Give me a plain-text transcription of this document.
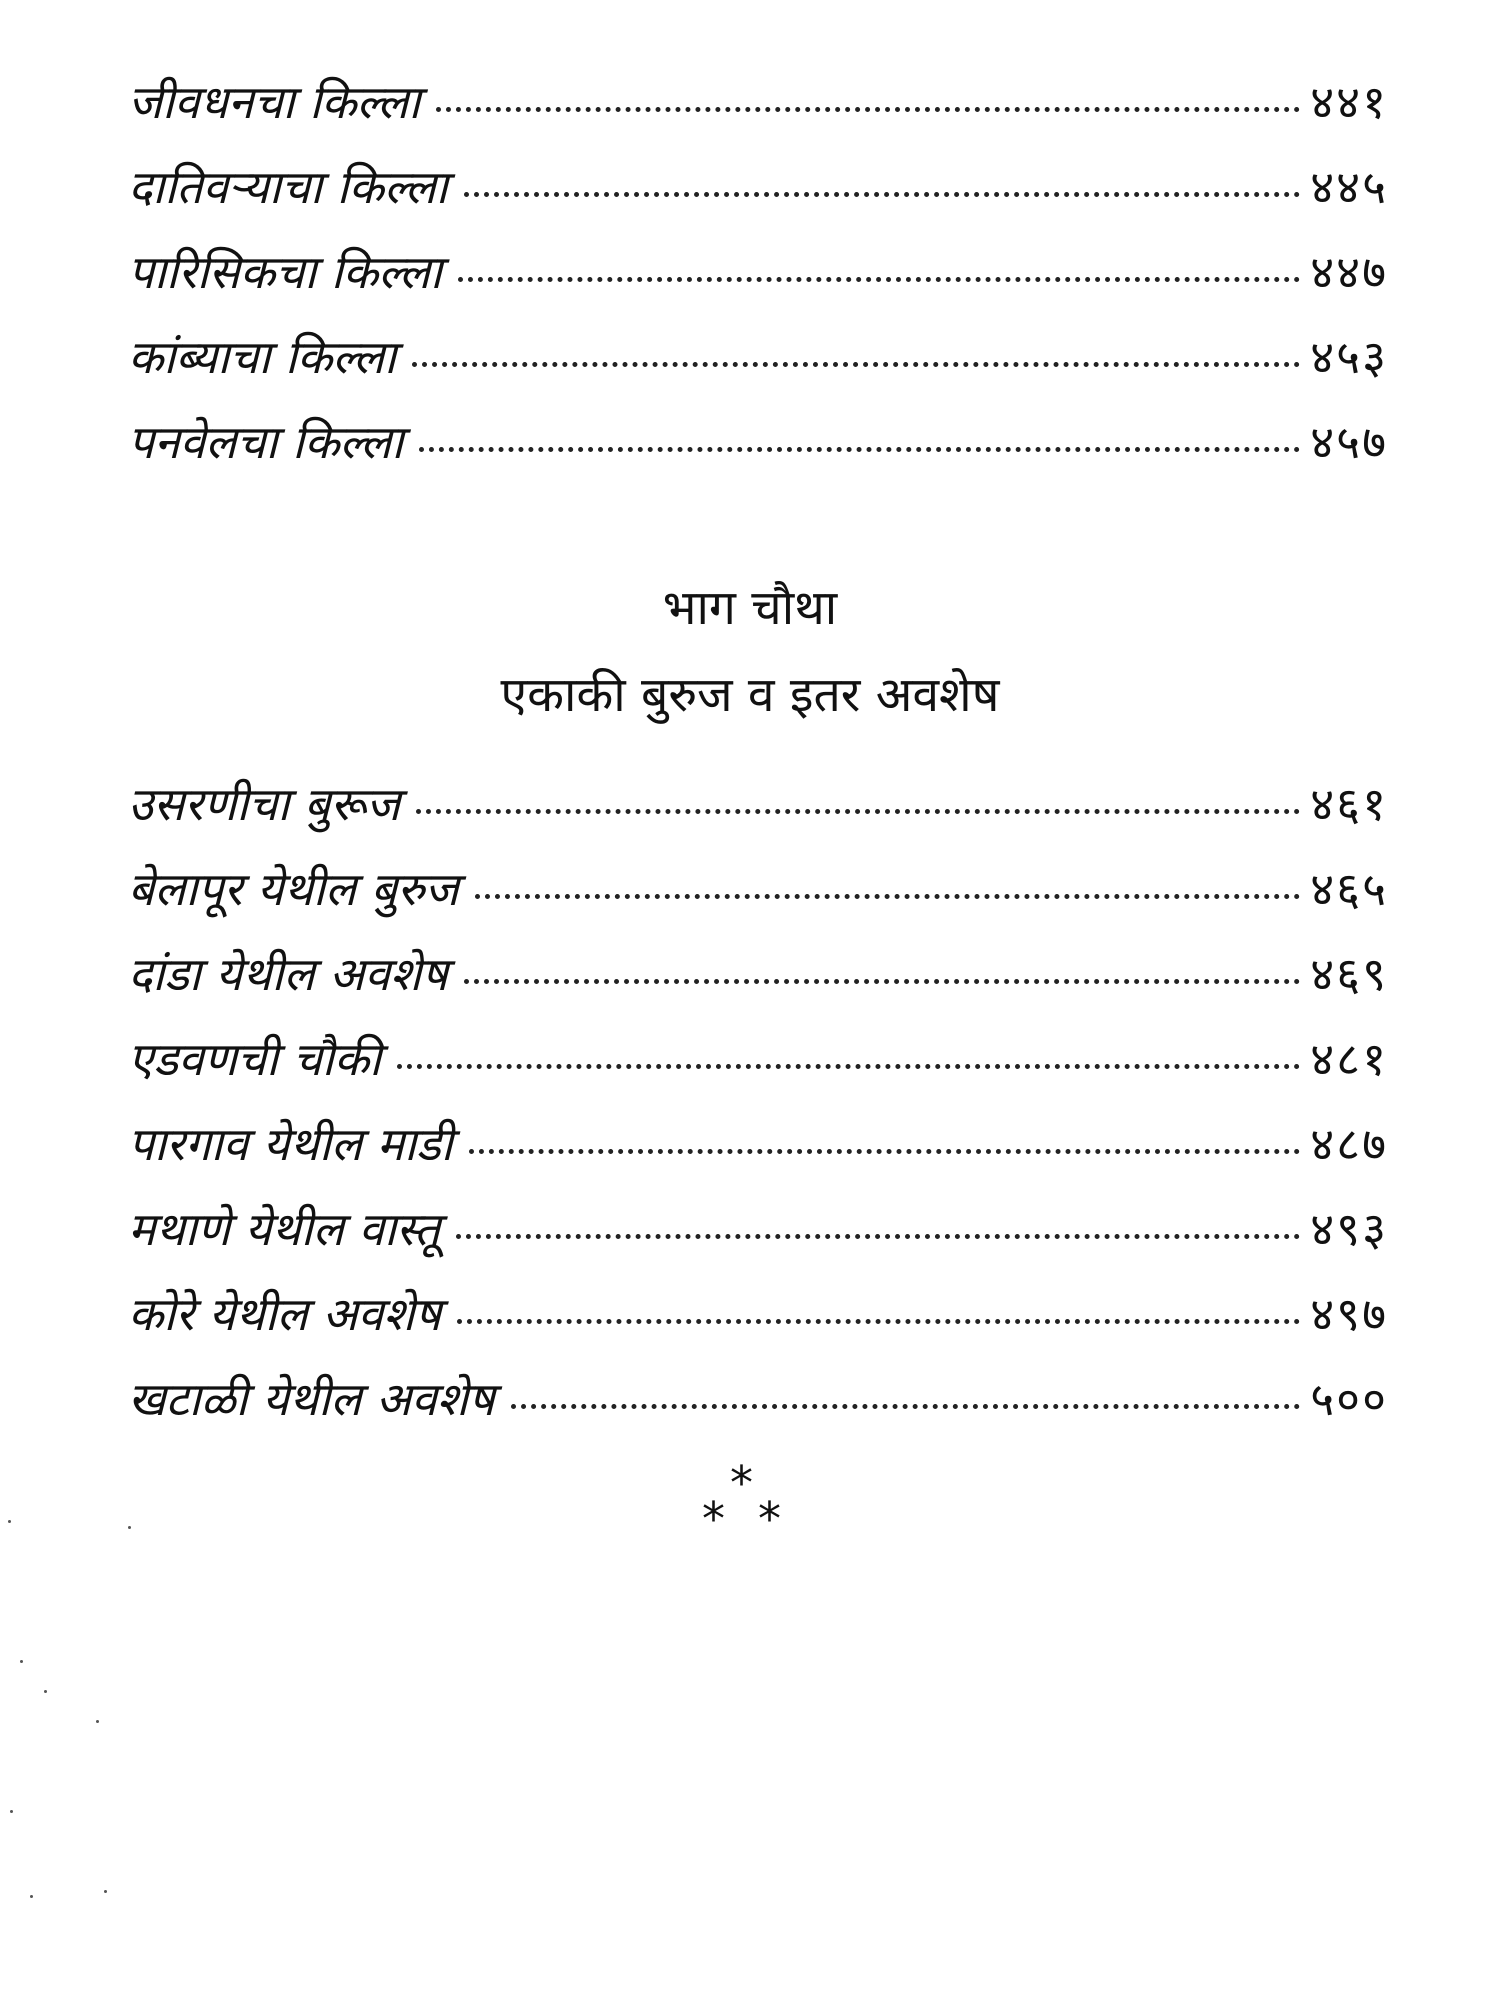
जीवधनचा किल्ला	४४१
दातिवऱ्याचा किल्ला	४४५
पारिसिकचा किल्ला	४४७
कांब्याचा किल्ला	४५३
पनवेलचा किल्ला	४५७
भाग चौथा
एकाकी बुरुज व इतर अवशेष
उसरणीचा बुरूज	४६१
बेलापूर येथील बुरुज	४६५
दांडा येथील अवशेष	४६९
एडवणची चौकी	४८१
पारगाव येथील माडी	४८७
मथाणे येथील वास्तू	४९३
कोरे येथील अवशेष	४९७
खटाळी येथील अवशेष	५००
*
* *
